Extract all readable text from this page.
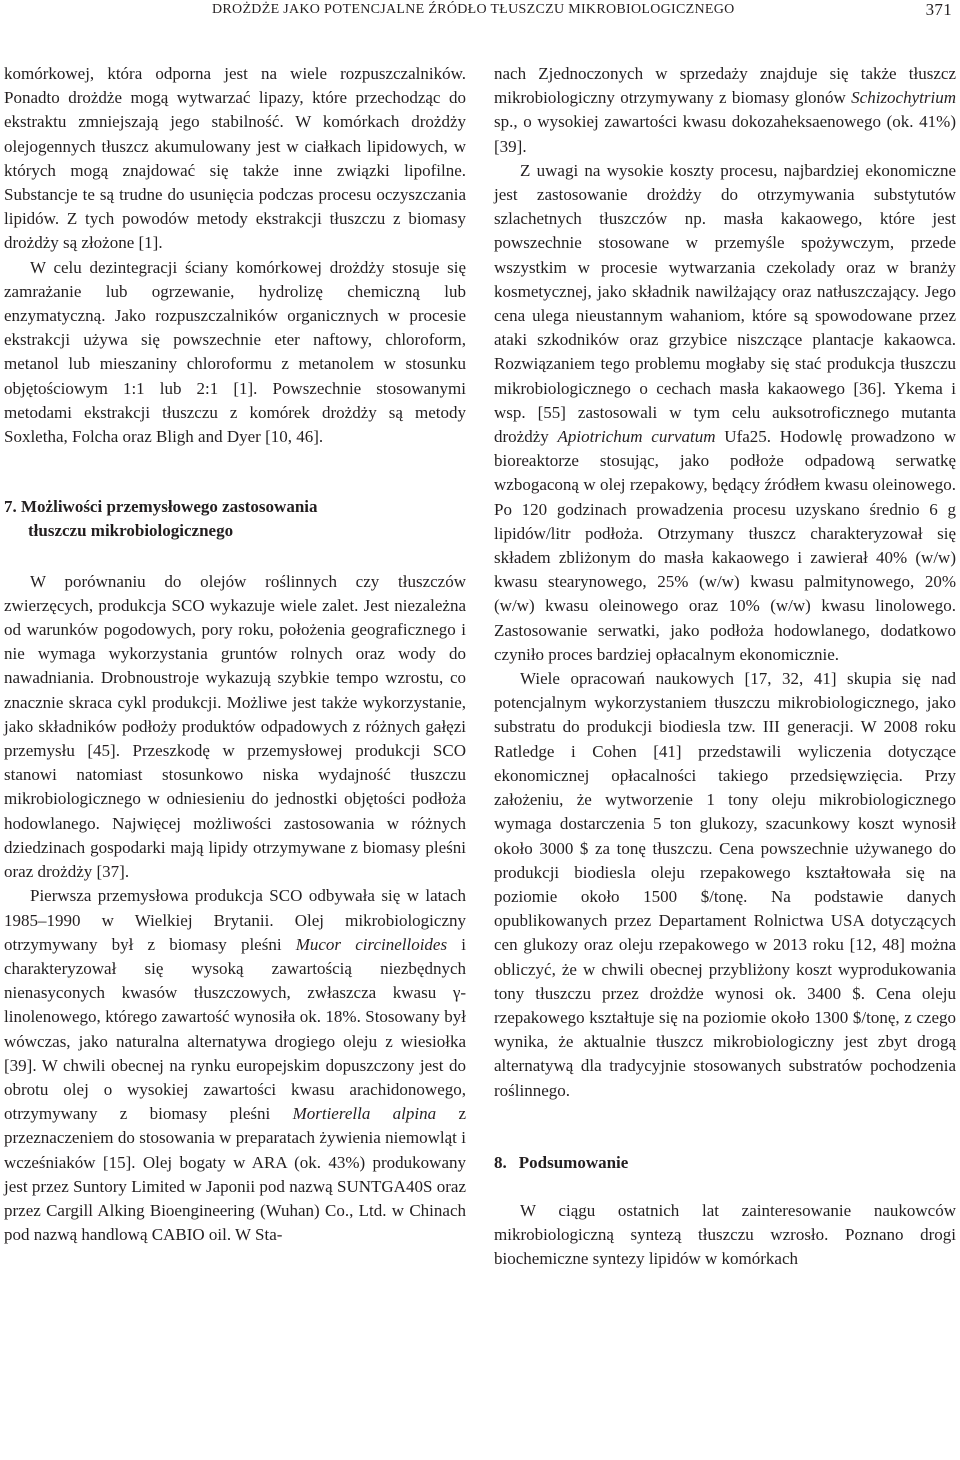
DROŻDŻE JAKO POTENCJALNE ŹRÓDŁO TŁUSZCZU MIKROBIOLOGICZNEGO	371

komórkowej, która odporna jest na wiele rozpuszczalników. Ponadto drożdże mogą wytwarzać lipazy, które przechodząc do ekstraktu zmniejszają jego stabilność. W komórkach drożdży olejogennych tłuszcz akumulowany jest w ciałkach lipidowych, w których mogą znajdować się także inne związki lipofilne. Substancje te są trudne do usunięcia podczas procesu oczyszczania lipidów. Z tych powodów metody ekstrakcji tłuszczu z biomasy drożdży są złożone [1].

W celu dezintegracji ściany komórkowej drożdży stosuje się zamrażanie lub ogrzewanie, hydrolizę chemiczną lub enzymatyczną. Jako rozpuszczalników organicznych w procesie ekstrakcji używa się powszechnie eter naftowy, chloroform, metanol lub mieszaniny chloroformu z metanolem w stosunku objętościowym 1:1 lub 2:1 [1]. Powszechnie stosowanymi metodami ekstrakcji tłuszczu z komórek drożdży są metody Soxletha, Folcha oraz Bligh and Dyer [10, 46].

7. Możliwości przemysłowego zastosowania
tłuszczu mikrobiologicznego

W porównaniu do olejów roślinnych czy tłuszczów zwierzęcych, produkcja SCO wykazuje wiele zalet. Jest niezależna od warunków pogodowych, pory roku, położenia geograficznego i nie wymaga wykorzystania gruntów rolnych oraz wody do nawadniania. Drobnoustroje wykazują szybkie tempo wzrostu, co znacznie skraca cykl produkcji. Możliwe jest także wykorzystanie, jako składników podłoży produktów odpadowych z różnych gałęzi przemysłu [45]. Przeszkodę w przemysłowej produkcji SCO stanowi natomiast stosunkowo niska wydajność tłuszczu mikrobiologicznego w odniesieniu do jednostki objętości podłoża hodowlanego. Najwięcej możliwości zastosowania w różnych dziedzinach gospodarki mają lipidy otrzymywane z biomasy pleśni oraz drożdży [37].

Pierwsza przemysłowa produkcja SCO odbywała się w latach 1985–1990 w Wielkiej Brytanii. Olej mikrobiologiczny otrzymywany był z biomasy pleśni Mucor circinelloides i charakteryzował się wysoką zawartością niezbędnych nienasyconych kwasów tłuszczowych, zwłaszcza kwasu γ-linolenowego, którego zawartość wynosiła ok. 18%. Stosowany był wówczas, jako naturalna alternatywa drogiego oleju z wiesiołka [39]. W chwili obecnej na rynku europejskim dopuszczony jest do obrotu olej o wysokiej zawartości kwasu arachidonowego, otrzymywany z biomasy pleśni Mortierella alpina z przeznaczeniem do stosowania w preparatach żywienia niemowląt i wcześniaków [15]. Olej bogaty w ARA (ok. 43%) produkowany jest przez Suntory Limited w Japonii pod nazwą SUNTGA40S oraz przez Cargill Alking Bioengineering (Wuhan) Co., Ltd. w Chinach pod nazwą handlową CABIO oil. W Sta-

nach Zjednoczonych w sprzedaży znajduje się także tłuszcz mikrobiologiczny otrzymywany z biomasy glonów Schizochytrium sp., o wysokiej zawartości kwasu dokozaheksaenowego (ok. 41%) [39].

Z uwagi na wysokie koszty procesu, najbardziej ekonomiczne jest zastosowanie drożdży do otrzymywania substytutów szlachetnych tłuszczów np. masła kakaowego, które jest powszechnie stosowane w przemyśle spożywczym, przede wszystkim w procesie wytwarzania czekolady oraz w branży kosmetycznej, jako składnik nawilżający oraz natłuszczający. Jego cena ulega nieustannym wahaniom, które są spowodowane przez ataki szkodników oraz grzybice niszczące plantacje kakaowca. Rozwiązaniem tego problemu mogłaby się stać produkcja tłuszczu mikrobiologicznego o cechach masła kakaowego [36]. Ykema i wsp. [55] zastosowali w tym celu auksotroficznego mutanta drożdży Apiotrichum curvatum Ufa25. Hodowlę prowadzono w bioreaktorze stosując, jako podłoże odpadową serwatkę wzbogaconą w olej rzepakowy, będący źródłem kwasu oleinowego. Po 120 godzinach prowadzenia procesu uzyskano średnio 6 g lipidów/litr podłoża. Otrzymany tłuszcz charakteryzował się składem zbliżonym do masła kakaowego i zawierał 40% (w/w) kwasu stearynowego, 25% (w/w) kwasu palmitynowego, 20% (w/w) kwasu oleinowego oraz 10% (w/w) kwasu linolowego. Zastosowanie serwatki, jako podłoża hodowlanego, dodatkowo czyniło proces bardziej opłacalnym ekonomicznie.

Wiele opracowań naukowych [17, 32, 41] skupia się nad potencjalnym wykorzystaniem tłuszczu mikrobiologicznego, jako substratu do produkcji biodiesla tzw. III generacji. W 2008 roku Ratledge i Cohen [41] przedstawili wyliczenia dotyczące ekonomicznej opłacalności takiego przedsięwzięcia. Przy założeniu, że wytworzenie 1 tony oleju mikrobiologicznego wymaga dostarczenia 5 ton glukozy, szacunkowy koszt wynosił około 3000 $ za tonę tłuszczu. Cena powszechnie używanego do produkcji biodiesla oleju rzepakowego kształtowała się na poziomie około 1500 $/tonę. Na podstawie danych opublikowanych przez Departament Rolnictwa USA dotyczących cen glukozy oraz oleju rzepakowego w 2013 roku [12, 48] można obliczyć, że w chwili obecnej przybliżony koszt wyprodukowania tony tłuszczu przez drożdże wynosi ok. 3400 $. Cena oleju rzepakowego kształtuje się na poziomie około 1300 $/tonę, z czego wynika, że aktualnie tłuszcz mikrobiologiczny jest zbyt drogą alternatywą dla tradycyjnie stosowanych substratów pochodzenia roślinnego.

8. Podsumowanie

W ciągu ostatnich lat zainteresowanie naukowców mikrobiologiczną syntezą tłuszczu wzrosło. Poznano drogi biochemiczne syntezy lipidów w komórkach
